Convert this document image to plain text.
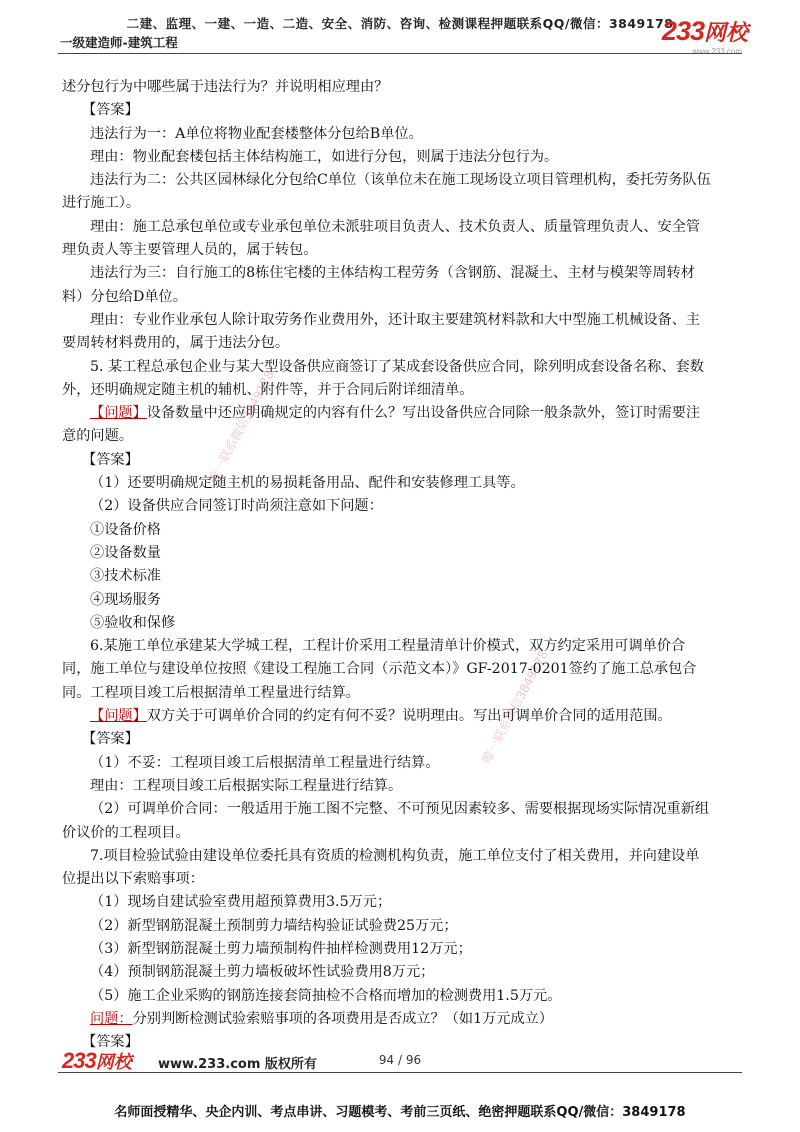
二建、监理、一建、一造、二造、安全、消防、咨询、检测课程押题联系QQ/微信：3849178
一级建造师-建筑工程	233网校
www.233.com
唯一联系微信3849178
唯一联系微信3849178
述分包行为中哪些属于违法行为？并说明相应理由？
【答案】
违法行为一：A单位将物业配套楼整体分包给B单位。
理由：物业配套楼包括主体结构施工，如进行分包，则属于违法分包行为。
违法行为二：公共区园林绿化分包给C单位（该单位未在施工现场设立项目管理机构，委托劳务队伍
进行施工）。
理由：施工总承包单位或专业承包单位未派驻项目负责人、技术负责人、质量管理负责人、安全管
理负责人等主要管理人员的，属于转包。
违法行为三：自行施工的8栋住宅楼的主体结构工程劳务（含钢筋、混凝土、主材与模架等周转材
料）分包给D单位。
理由：专业作业承包人除计取劳务作业费用外，还计取主要建筑材料款和大中型施工机械设备、主
要周转材料费用的，属于违法分包。
5. 某工程总承包企业与某大型设备供应商签订了某成套设备供应合同，除列明成套设备名称、套数
外，还明确规定随主机的辅机、附件等，并于合同后附详细清单。
【问题】设备数量中还应明确规定的内容有什么？写出设备供应合同除一般条款外，签订时需要注
意的问题。
【答案】
（1）还要明确规定随主机的易损耗备用品、配件和安装修理工具等。
（2）设备供应合同签订时尚须注意如下问题：
①设备价格
②设备数量
③技术标准
④现场服务
⑤验收和保修
6.某施工单位承建某大学城工程，工程计价采用工程量清单计价模式，双方约定采用可调单价合
同，施工单位与建设单位按照《建设工程施工合同（示范文本）》GF-2017-0201签约了施工总承包合
同。工程项目竣工后根据清单工程量进行结算。
【问题】双方关于可调单价合同的约定有何不妥？说明理由。写出可调单价合同的适用范围。
【答案】
（1）不妥：工程项目竣工后根据清单工程量进行结算。
理由：工程项目竣工后根据实际工程量进行结算。
（2）可调单价合同：一般适用于施工图不完整、不可预见因素较多、需要根据现场实际情况重新组
价议价的工程项目。
7.项目检验试验由建设单位委托具有资质的检测机构负责，施工单位支付了相关费用，并向建设单
位提出以下索赔事项：
（1）现场自建试验室费用超预算费用3.5万元；
（2）新型钢筋混凝土预制剪力墙结构验证试验费25万元；
（3）新型钢筋混凝土剪力墙预制构件抽样检测费用12万元；
（4）预制钢筋混凝土剪力墙板破坏性试验费用8万元；
（5）施工企业采购的钢筋连接套筒抽检不合格而增加的检测费用1.5万元。
问题：分别判断检测试验索赔事项的各项费用是否成立？（如1万元成立）
【答案】
233网校 www.233.com 版权所有	94 / 96
名师面授精华、央企内训、考点串讲、习题模考、考前三页纸、绝密押题联系QQ/微信：3849178
